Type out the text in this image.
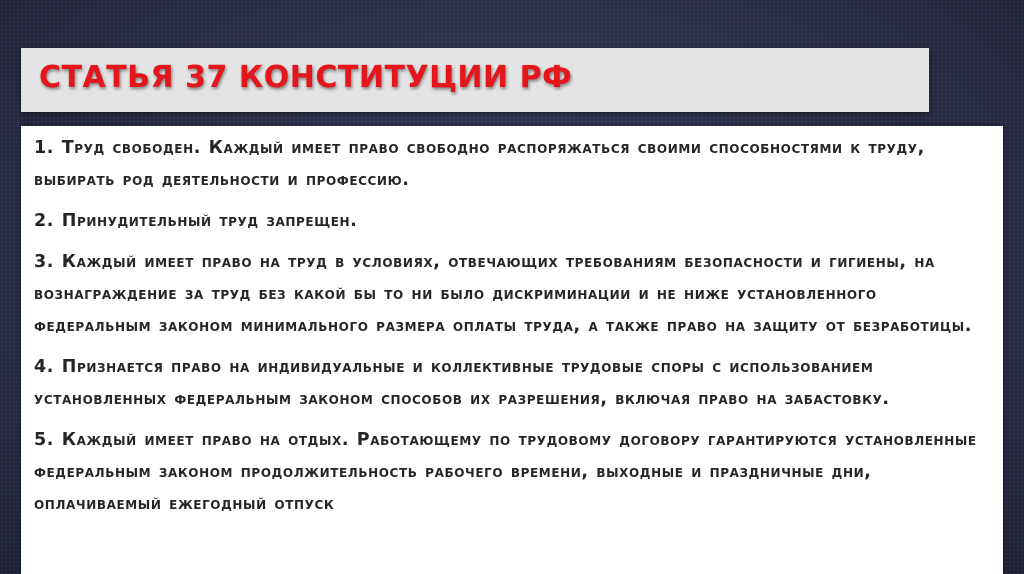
СТАТЬЯ 37 КОНСТИТУЦИИ РФ

1. Труд свободен. Каждый имеет право свободно распоряжаться своими способностями к труду, выбирать род деятельности и профессию.

2. Принудительный труд запрещен.

3. Каждый имеет право на труд в условиях, отвечающих требованиям безопасности и гигиены, на вознаграждение за труд без какой бы то ни было дискриминации и не ниже установленного федеральным законом минимального размера оплаты труда, а также право на защиту от безработицы.

4. Признается право на индивидуальные и коллективные трудовые споры с использованием установленных федеральным законом способов их разрешения, включая право на забастовку.

5. Каждый имеет право на отдых. Работающему по трудовому договору гарантируются установленные федеральным законом продолжительность рабочего времени, выходные и праздничные дни, оплачиваемый ежегодный отпуск
